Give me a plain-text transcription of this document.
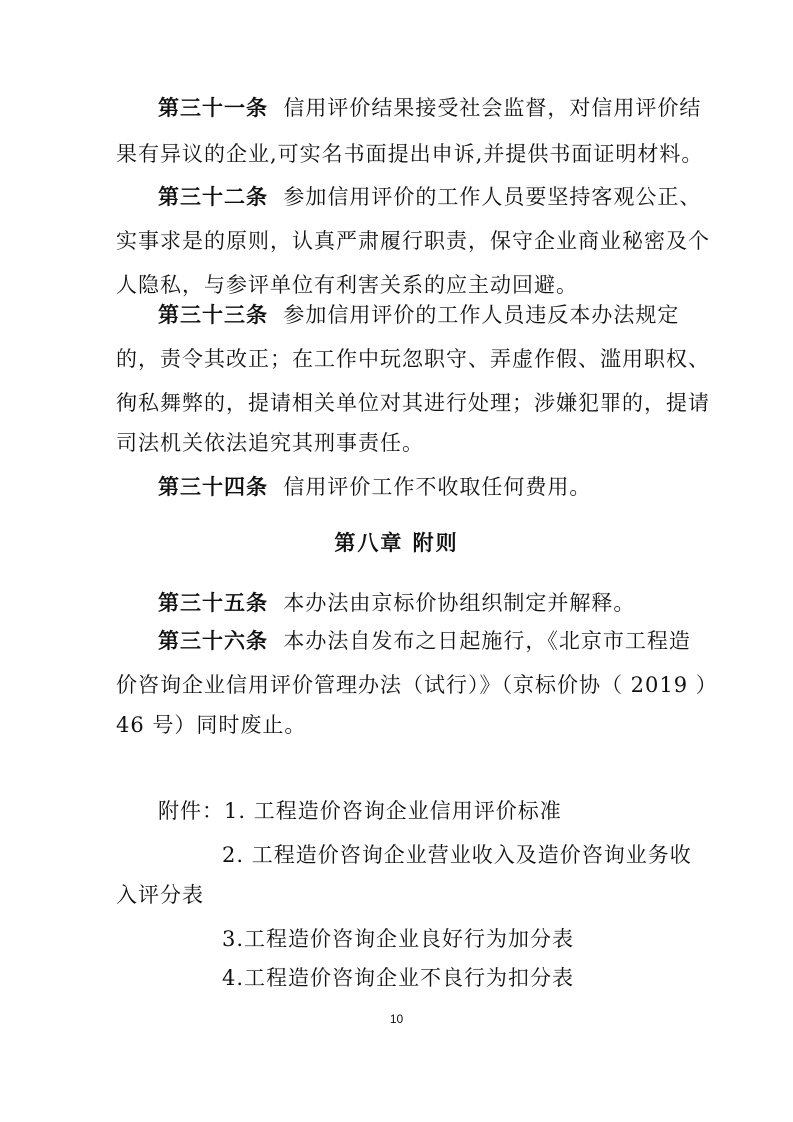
第三十一条 信用评价结果接受社会监督，对信用评价结
果有异议的企业,可实名书面提出申诉,并提供书面证明材料。
第三十二条 参加信用评价的工作人员要坚持客观公正、
实事求是的原则，认真严肃履行职责，保守企业商业秘密及个
人隐私，与参评单位有利害关系的应主动回避。
第三十三条 参加信用评价的工作人员违反本办法规定
的，责令其改正；在工作中玩忽职守、弄虚作假、滥用职权、
徇私舞弊的，提请相关单位对其进行处理；涉嫌犯罪的，提请
司法机关依法追究其刑事责任。
第三十四条 信用评价工作不收取任何费用。
第八章 附则
第三十五条 本办法由京标价协组织制定并解释。
第三十六条 本办法自发布之日起施行，《北京市工程造
价咨询企业信用评价管理办法（试行）》（京标价协（ 2019 ）
46 号）同时废止。
附件：1. 工程造价咨询企业信用评价标准
2. 工程造价咨询企业营业收入及造价咨询业务收
入评分表
3.工程造价咨询企业良好行为加分表
4.工程造价咨询企业不良行为扣分表
10
